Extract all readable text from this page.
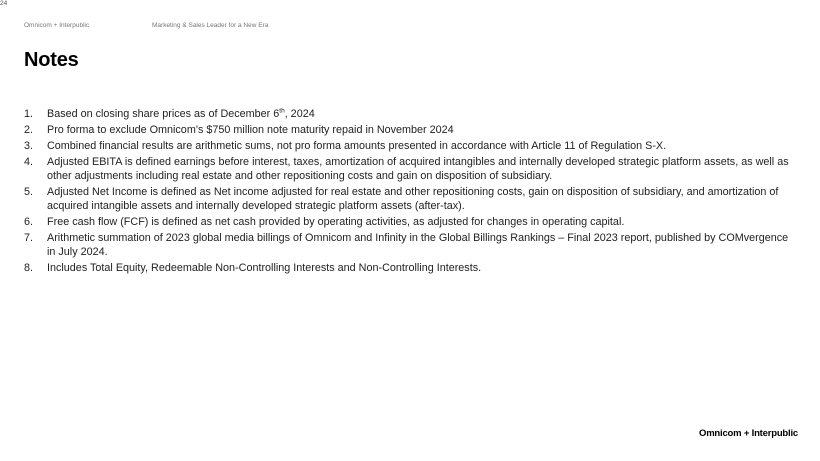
Omnicom + Interpublic	Marketing & Sales Leader for a New Era
24
Notes
1.	Based on closing share prices as of December 6th, 2024
2.	Pro forma to exclude Omnicom’s $750 million note maturity repaid in November 2024
3.	Combined financial results are arithmetic sums, not pro forma amounts presented in accordance with Article 11 of Regulation S-X.
4.	Adjusted EBITA is defined earnings before interest, taxes, amortization of acquired intangibles and internally developed strategic platform assets, as well as other adjustments including real estate and other repositioning costs and gain on disposition of subsidiary.
5.	Adjusted Net Income is defined as Net income adjusted for real estate and other repositioning costs, gain on disposition of subsidiary, and amortization of acquired intangible assets and internally developed strategic platform assets (after-tax).
6.	Free cash flow (FCF) is defined as net cash provided by operating activities, as adjusted for changes in operating capital.
7.	Arithmetic summation of 2023 global media billings of Omnicom and Infinity in the Global Billings Rankings – Final 2023 report, published by COMvergence in July 2024.
8.	Includes Total Equity, Redeemable Non-Controlling Interests and Non-Controlling Interests.
Omnicom + Interpublic
